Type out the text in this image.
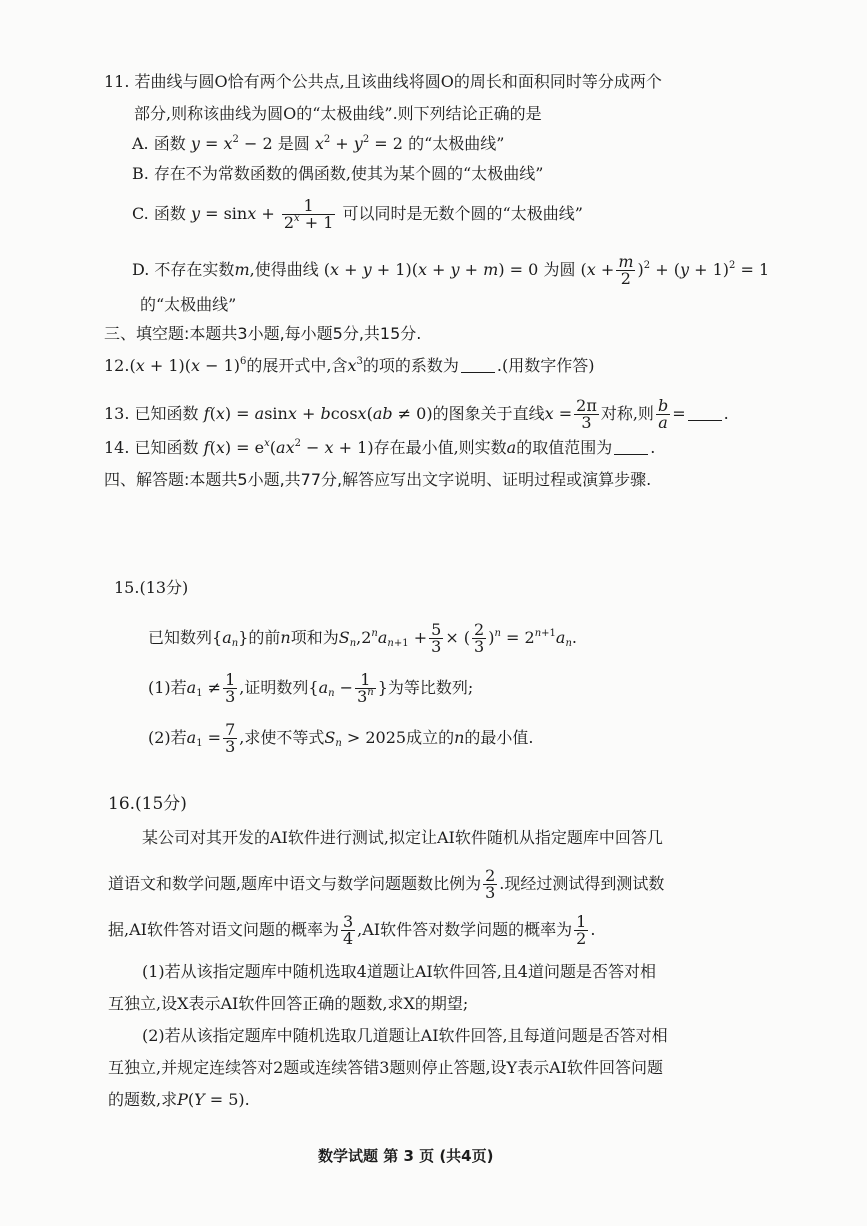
11. 若曲线与圆O恰有两个公共点,且该曲线将圆O的周长和面积同时等分成两个
部分,则称该曲线为圆O的“太极曲线”.则下列结论正确的是
A. 函数 $y = x^2 - 2$ 是圆 $x^2 + y^2 = 2$ 的“太极曲线”
B. 存在不为常数函数的偶函数,使其为某个圆的“太极曲线”
C. 函数 $y = \sin x + \frac{1}{2^x + 1}$ 可以同时是无数个圆的“太极曲线”
D. 不存在实数m,使得曲线 (x + y + 1)(x + y + m) = 0 为圆 $(x + \frac{m}{2} )^2 + (y + 1)^2 = 1$
的“太极曲线”
三、填空题:本题共3小题,每小题5分,共15分.
$12.(x + 1)(x - 1)^6$的展开式中,含$x^3$的项的系数为 .(用数字作答)
13. 已知函数 f(x) = asinx + bcosx(ab ≠ 0)的图象关于直线$x = \frac{2\pi}{3}$ 对称,则 $\frac{b}{a}$ = .
14. 已知函数 $f(x) = e^x(ax^2 - x + 1)$存在最小值,则实数a的取值范围为 .
四、解答题:本题共5小题,共77分,解答应写出文字说明、证明过程或演算步骤.
15.(13分)
已知数列$\{a_n\}$的前n项和为$S_n,2^na_{n+1} + \frac{5}{3}$ × ( $\frac{2}{3} )^n = 2^{n+1}a_n$.
(1)若$a_1 \ne \frac{1}{3}$ ,证明数列{$a_n - \frac{1}{3^n}$ }为等比数列;
(2)若$a_1 = \frac{7}{3}$ ,求使不等式$S_n > 2025$成立的n的最小值.
16.(15分)
某公司对其开发的AI软件进行测试,拟定让AI软件随机从指定题库中回答几
道语文和数学问题,题库中语文与数学问题题数比例为 $\frac{2}{3}$ .现经过测试得到测试数
据,AI软件答对语文问题的概率为 $\frac{3}{4} ,AI$软件答对数学问题的概率为 $\frac{1}{2}$ .
(1)若从该指定题库中随机选取4道题让AI软件回答,且4道问题是否答对相
互独立,设X表示AI软件回答正确的题数,求X的期望;
(2)若从该指定题库中随机选取几道题让AI软件回答,且每道问题是否答对相
互独立,并规定连续答对2题或连续答错3题则停止答题,设Y表示AI软件回答问题
的题数,求P(Y = 5).
数学试题 第 3 页 (共4页)
